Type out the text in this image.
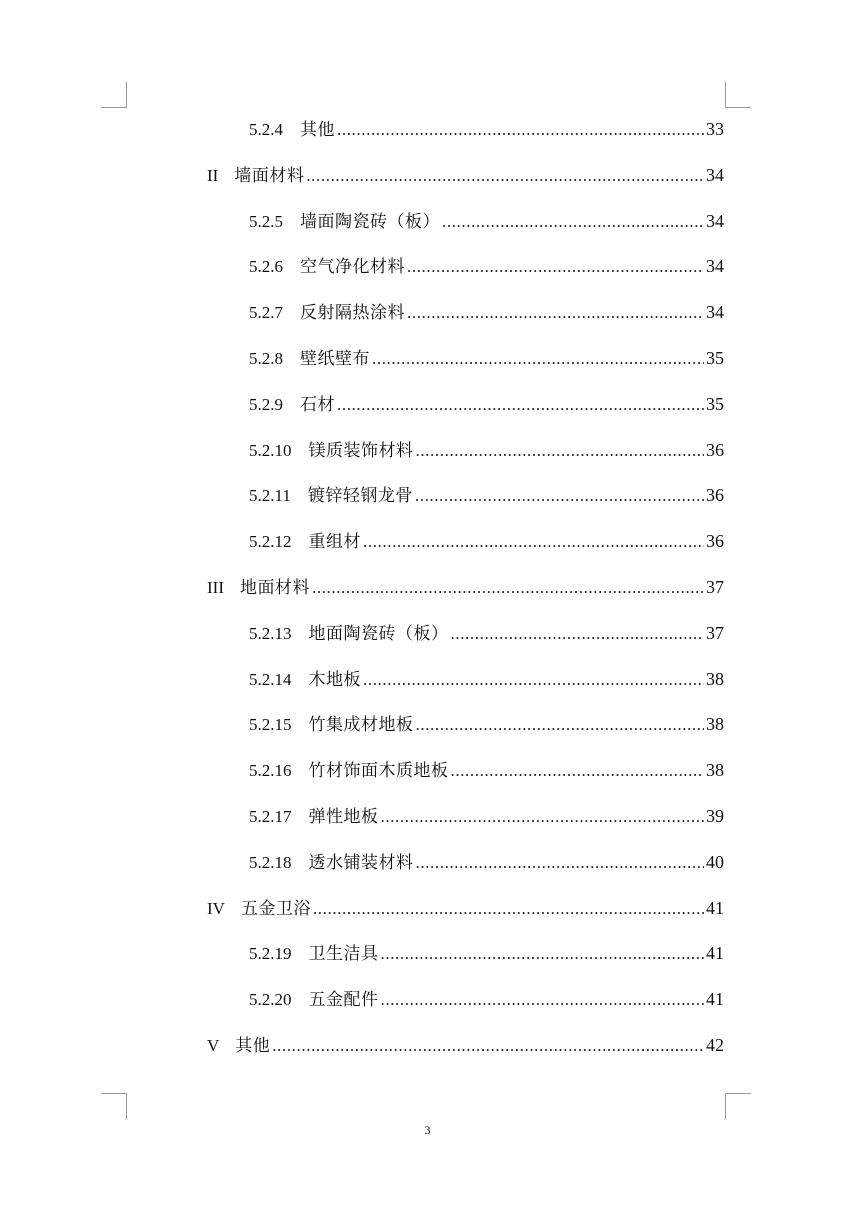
5.2.4 其他 .....	33
II 墙面材料 .....	34
5.2.5 墙面陶瓷砖（板） .....	34
5.2.6 空气净化材料 .....	34
5.2.7 反射隔热涂料 .....	34
5.2.8 壁纸壁布 .....	35
5.2.9 石材 .....	35
5.2.10 镁质装饰材料 .....	36
5.2.11 镀锌轻钢龙骨 .....	36
5.2.12 重组材 .....	36
III 地面材料 .....	37
5.2.13 地面陶瓷砖（板） .....	37
5.2.14 木地板 .....	38
5.2.15 竹集成材地板 .....	38
5.2.16 竹材饰面木质地板 .....	38
5.2.17 弹性地板 .....	39
5.2.18 透水铺装材料 .....	40
IV 五金卫浴 .....	41
5.2.19 卫生洁具 .....	41
5.2.20 五金配件 .....	41
V 其他 .....	42
3
